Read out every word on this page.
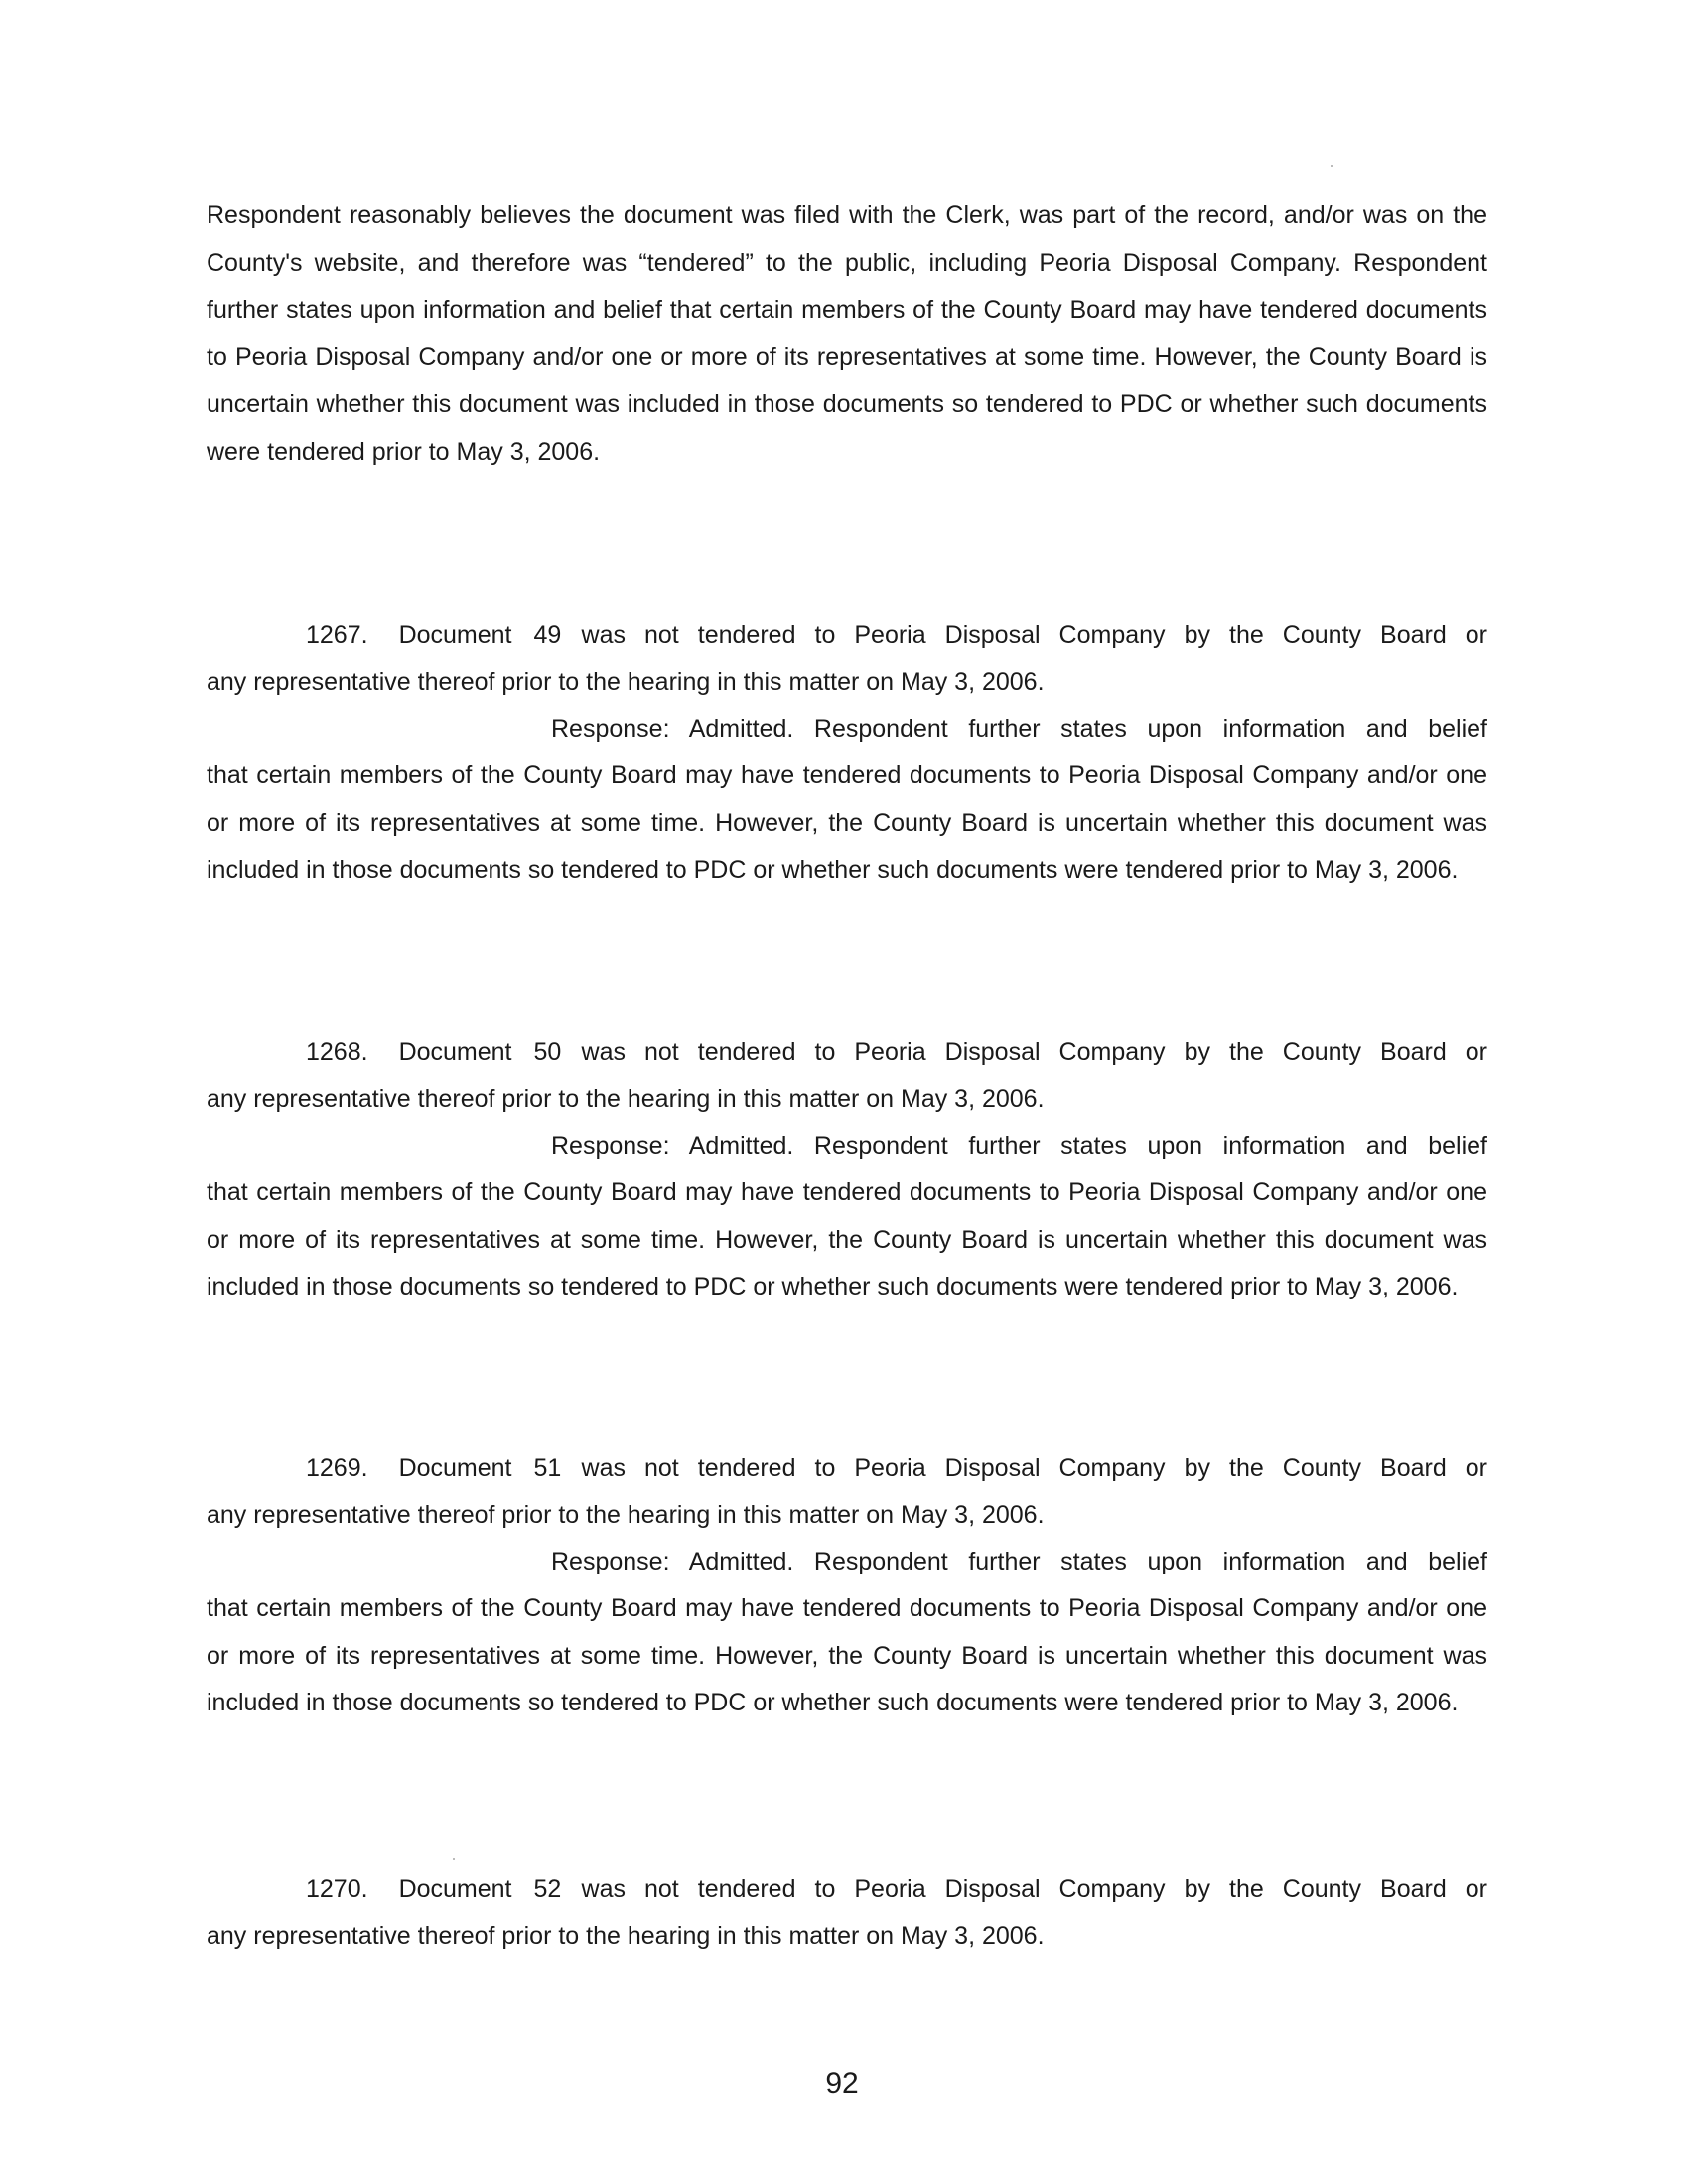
Respondent reasonably believes the document was filed with the Clerk, was part of the record, and/or was on the County's website, and therefore was “tendered” to the public, including Peoria Disposal Company. Respondent further states upon information and belief that certain members of the County Board may have tendered documents to Peoria Disposal Company and/or one or more of its representatives at some time. However, the County Board is uncertain whether this document was included in those documents so tendered to PDC or whether such documents were tendered prior to May 3, 2006.

1267. Document 49 was not tendered to Peoria Disposal Company by the County Board or

any representative thereof prior to the hearing in this matter on May 3, 2006.

Response: Admitted. Respondent further states upon information and belief

that certain members of the County Board may have tendered documents to Peoria Disposal Company and/or one or more of its representatives at some time. However, the County Board is uncertain whether this document was included in those documents so tendered to PDC or whether such documents were tendered prior to May 3, 2006.

1268. Document 50 was not tendered to Peoria Disposal Company by the County Board or

any representative thereof prior to the hearing in this matter on May 3, 2006.

Response: Admitted. Respondent further states upon information and belief

that certain members of the County Board may have tendered documents to Peoria Disposal Company and/or one or more of its representatives at some time. However, the County Board is uncertain whether this document was included in those documents so tendered to PDC or whether such documents were tendered prior to May 3, 2006.

1269. Document 51 was not tendered to Peoria Disposal Company by the County Board or

any representative thereof prior to the hearing in this matter on May 3, 2006.

Response: Admitted. Respondent further states upon information and belief

that certain members of the County Board may have tendered documents to Peoria Disposal Company and/or one or more of its representatives at some time. However, the County Board is uncertain whether this document was included in those documents so tendered to PDC or whether such documents were tendered prior to May 3, 2006.

1270. Document 52 was not tendered to Peoria Disposal Company by the County Board or

any representative thereof prior to the hearing in this matter on May 3, 2006.

92
